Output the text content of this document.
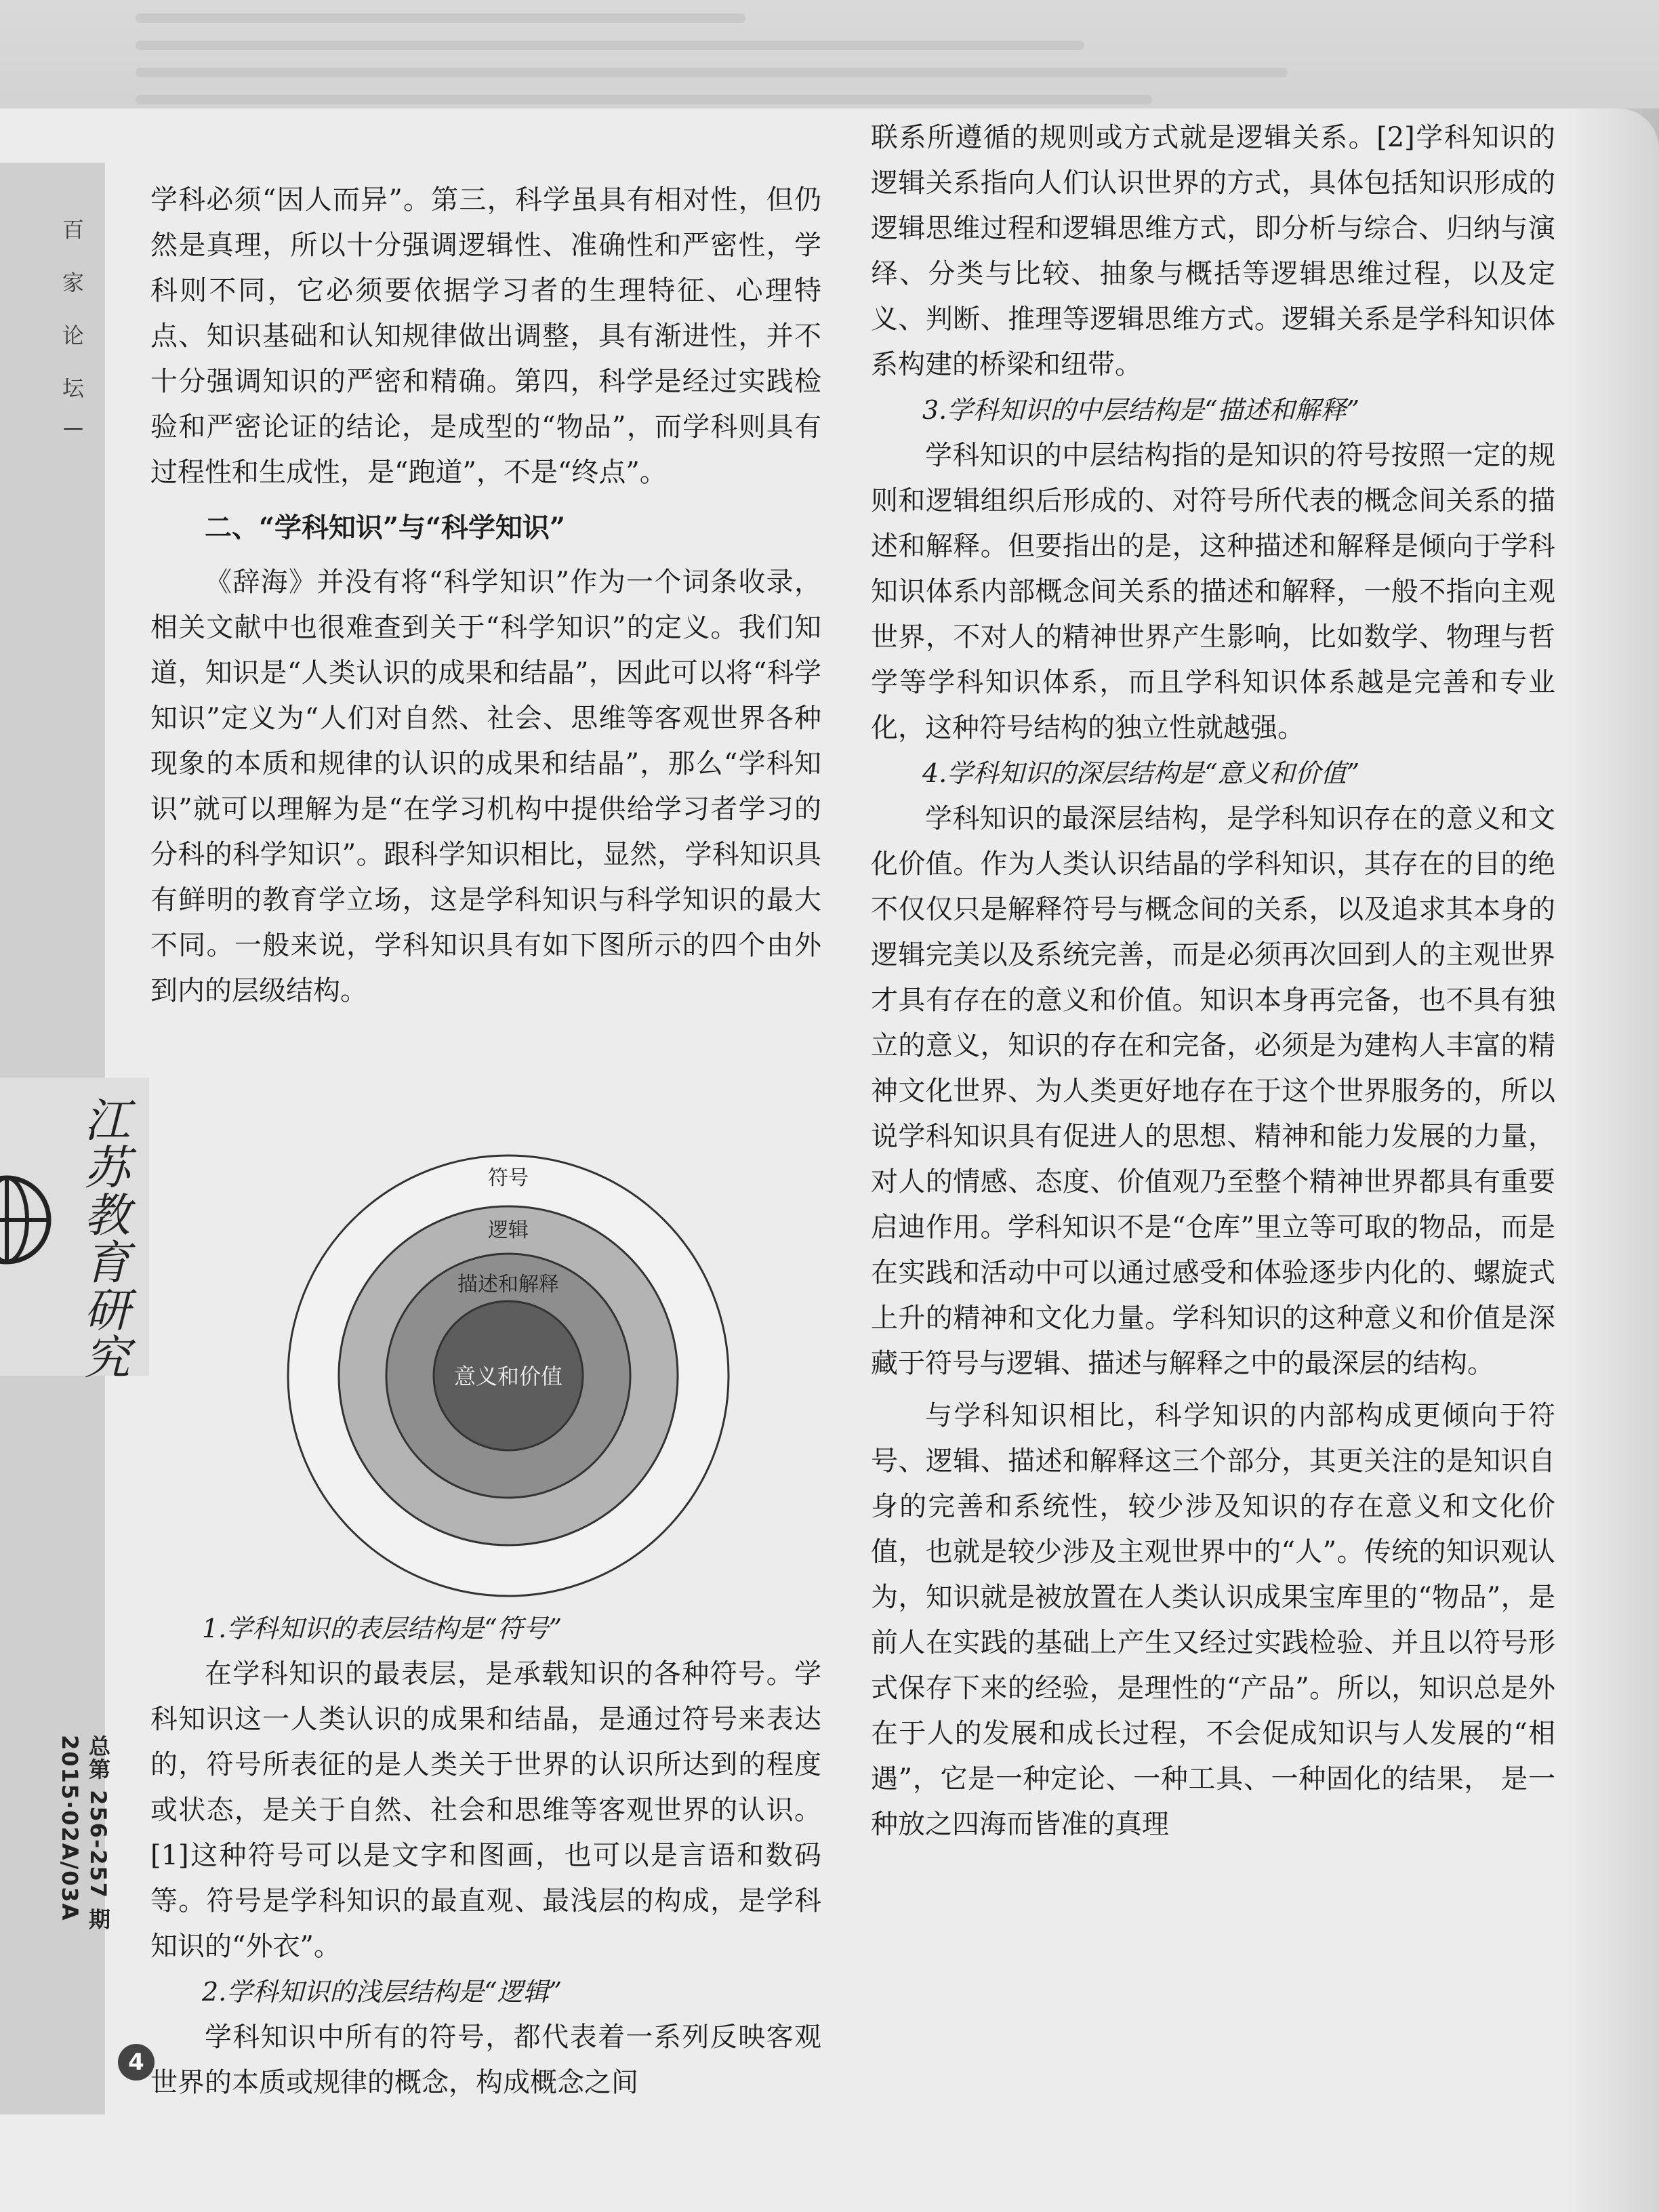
百
家
论
坛
—
江
苏
教
育
研
究
总第 256-257 期 2015·02A/03A
4

学科必须“因人而异”。第三，科学虽具有相对性，但仍然是真理，所以十分强调逻辑性、准确性和严密性，学科则不同，它必须要依据学习者的生理特征、心理特点、知识基础和认知规律做出调整，具有渐进性，并不十分强调知识的严密和精确。第四，科学是经过实践检验和严密论证的结论，是成型的“物品”，而学科则具有过程性和生成性，是“跑道”，不是“终点”。

二、“学科知识”与“科学知识”

《辞海》并没有将“科学知识”作为一个词条收录，相关文献中也很难查到关于“科学知识”的定义。我们知道，知识是“人类认识的成果和结晶”，因此可以将“科学知识”定义为“人们对自然、社会、思维等客观世界各种现象的本质和规律的认识的成果和结晶”，那么“学科知识”就可以理解为是“在学习机构中提供给学习者学习的分科的科学知识”。跟科学知识相比，显然，学科知识具有鲜明的教育学立场，这是学科知识与科学知识的最大不同。一般来说，学科知识具有如下图所示的四个由外到内的层级结构。

符号
逻辑
描述和解释
意义和价值
1.学科知识的表层结构是“符号”

在学科知识的最表层，是承载知识的各种符号。学科知识这一人类认识的成果和结晶，是通过符号来表达的，符号所表征的是人类关于世界的认识所达到的程度或状态，是关于自然、社会和思维等客观世界的认识。[1]这种符号可以是文字和图画，也可以是言语和数码等。符号是学科知识的最直观、最浅层的构成，是学科知识的“外衣”。

2.学科知识的浅层结构是“逻辑”

学科知识中所有的符号，都代表着一系列反映客观世界的本质或规律的概念，构成概念之间

联系所遵循的规则或方式就是逻辑关系。[2]学科知识的逻辑关系指向人们认识世界的方式，具体包括知识形成的逻辑思维过程和逻辑思维方式，即分析与综合、归纳与演绎、分类与比较、抽象与概括等逻辑思维过程，以及定义、判断、推理等逻辑思维方式。逻辑关系是学科知识体系构建的桥梁和纽带。

3.学科知识的中层结构是“描述和解释”

学科知识的中层结构指的是知识的符号按照一定的规则和逻辑组织后形成的、对符号所代表的概念间关系的描述和解释。但要指出的是，这种描述和解释是倾向于学科知识体系内部概念间关系的描述和解释，一般不指向主观世界，不对人的精神世界产生影响，比如数学、物理与哲学等学科知识体系，而且学科知识体系越是完善和专业化，这种符号结构的独立性就越强。

4.学科知识的深层结构是“意义和价值”

学科知识的最深层结构，是学科知识存在的意义和文化价值。作为人类认识结晶的学科知识，其存在的目的绝不仅仅只是解释符号与概念间的关系，以及追求其本身的逻辑完美以及系统完善，而是必须再次回到人的主观世界才具有存在的意义和价值。知识本身再完备，也不具有独立的意义，知识的存在和完备，必须是为建构人丰富的精神文化世界、为人类更好地存在于这个世界服务的，所以说学科知识具有促进人的思想、精神和能力发展的力量，对人的情感、态度、价值观乃至整个精神世界都具有重要启迪作用。学科知识不是“仓库”里立等可取的物品，而是在实践和活动中可以通过感受和体验逐步内化的、螺旋式上升的精神和文化力量。学科知识的这种意义和价值是深藏于符号与逻辑、描述与解释之中的最深层的结构。

与学科知识相比，科学知识的内部构成更倾向于符号、逻辑、描述和解释这三个部分，其更关注的是知识自身的完善和系统性，较少涉及知识的存在意义和文化价值，也就是较少涉及主观世界中的“人”。传统的知识观认为，知识就是被放置在人类认识成果宝库里的“物品”，是前人在实践的基础上产生又经过实践检验、并且以符号形式保存下来的经验，是理性的“产品”。所以，知识总是外在于人的发展和成长过程，不会促成知识与人发展的“相遇”，它是一种定论、一种工具、一种固化的结果， 是一种放之四海而皆准的真理
